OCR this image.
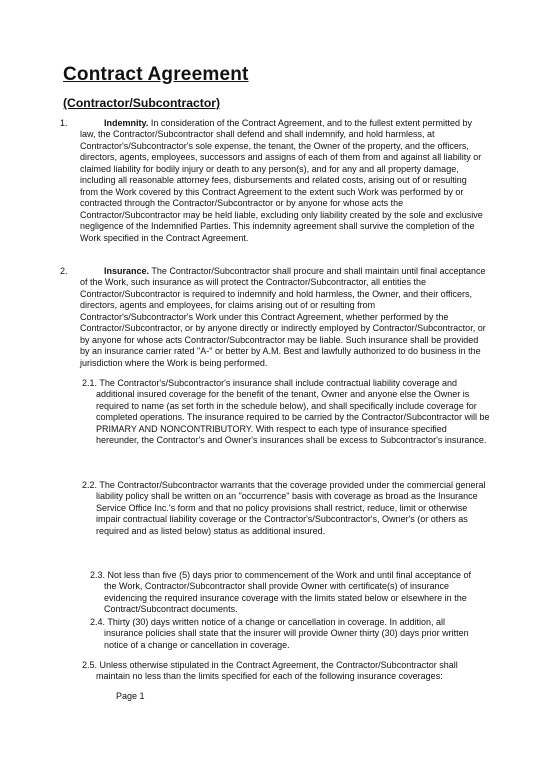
Contract Agreement
(Contractor/Subcontractor)
1.	Indemnity. In consideration of the Contract Agreement, and to the fullest extent permitted by law, the Contractor/Subcontractor shall defend and shall indemnify, and hold harmless, at Contractor's/Subcontractor's sole expense, the tenant, the Owner of the property, and the officers, directors, agents, employees, successors and assigns of each of them from and against all liability or claimed liability for bodily injury or death to any person(s), and for any and all property damage, including all reasonable attorney fees, disbursements and related costs, arising out of or resulting from the Work covered by this Contract Agreement to the extent such Work was performed by or contracted through the Contractor/Subcontractor or by anyone for whose acts the Contractor/Subcontractor may be held liable, excluding only liability created by the sole and exclusive negligence of the Indemnified Parties. This indemnity agreement shall survive the completion of the Work specified in the Contract Agreement.
2.	Insurance. The Contractor/Subcontractor shall procure and shall maintain until final acceptance of the Work, such insurance as will protect the Contractor/Subcontractor, all entities the Contractor/Subcontractor is required to indemnify and hold harmless, the Owner, and their officers, directors, agents and employees, for claims arising out of or resulting from Contractor's/Subcontractor's Work under this Contract Agreement, whether performed by the Contractor/Subcontractor, or by anyone directly or indirectly employed by Contractor/Subcontractor, or by anyone for whose acts Contractor/Subcontractor may be liable. Such insurance shall be provided by an insurance carrier rated "A-" or better by A.M. Best and lawfully authorized to do business in the jurisdiction where the Work is being performed.
2.1. The Contractor's/Subcontractor's insurance shall include contractual liability coverage and additional insured coverage for the benefit of the tenant, Owner and anyone else the Owner is required to name (as set forth in the schedule below), and shall specifically include coverage for completed operations. The insurance required to be carried by the Contractor/Subcontractor will be PRIMARY AND NONCONTRIBUTORY. With respect to each type of insurance specified hereunder, the Contractor's and Owner's insurances shall be excess to Subcontractor's insurance.
2.2. The Contractor/Subcontractor warrants that the coverage provided under the commercial general liability policy shall be written on an "occurrence" basis with coverage as broad as the Insurance Service Office Inc.'s form and that no policy provisions shall restrict, reduce, limit or otherwise impair contractual liability coverage or the Contractor's/Subcontractor's, Owner's (or others as required and as listed below) status as additional insured.
2.3. Not less than five (5) days prior to commencement of the Work and until final acceptance of the Work, Contractor/Subcontractor shall provide Owner with certificate(s) of insurance evidencing the required insurance coverage with the limits stated below or elsewhere in the Contract/Subcontract documents.
2.4. Thirty (30) days written notice of a change or cancellation in coverage. In addition, all insurance policies shall state that the insurer will provide Owner thirty (30) days prior written notice of a change or cancellation in coverage.
2.5. Unless otherwise stipulated in the Contract Agreement, the Contractor/Subcontractor shall maintain no less than the limits specified for each of the following insurance coverages:
Page 1
